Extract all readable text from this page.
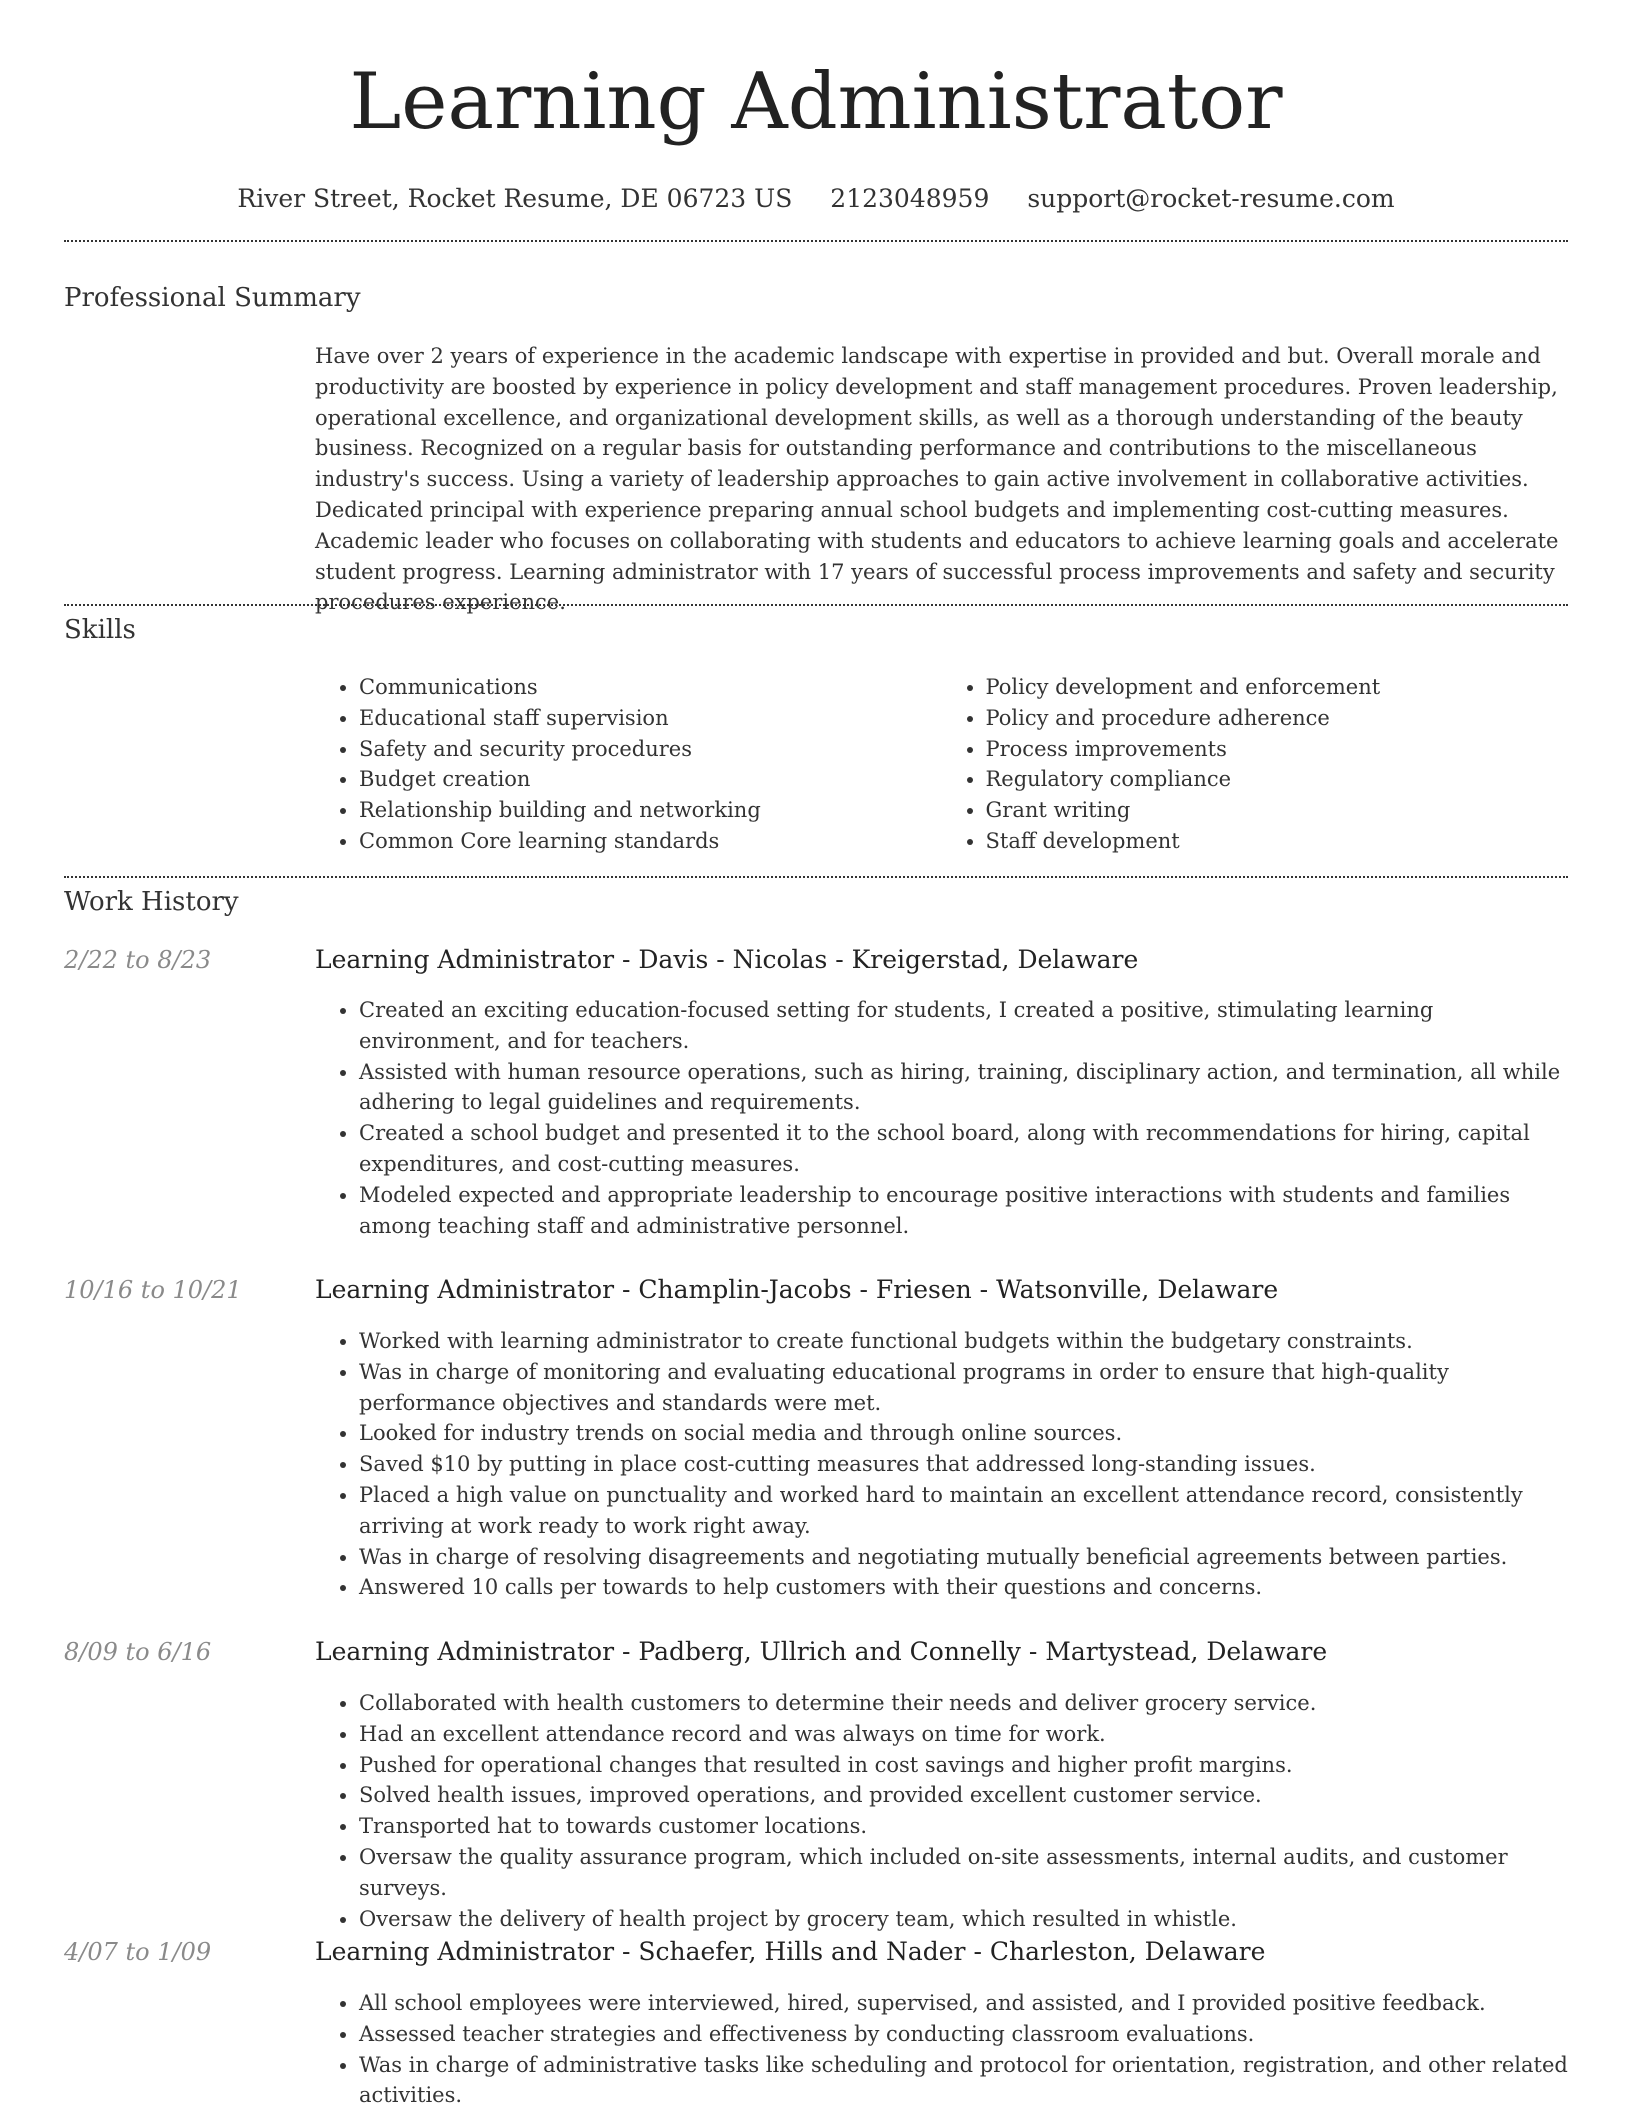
Learning Administrator
River Street, Rocket Resume, DE 06723 US 2123048959 support@rocket-resume.com
Professional Summary

Have over 2 years of experience in the academic landscape with expertise in provided and but. Overall morale and productivity are boosted by experience in policy development and staff management procedures. Proven leadership, operational excellence, and organizational development skills, as well as a thorough understanding of the beauty business. Recognized on a regular basis for outstanding performance and contributions to the miscellaneous industry's success. Using a variety of leadership approaches to gain active involvement in collaborative activities. Dedicated principal with experience preparing annual school budgets and implementing cost-cutting measures. Academic leader who focuses on collaborating with students and educators to achieve learning goals and accelerate student progress. Learning administrator with 17 years of successful process improvements and safety and security procedures experience.

Skills
• Communications
• Educational staff supervision
• Safety and security procedures
• Budget creation
• Relationship building and networking
• Common Core learning standards
• Policy development and enforcement
• Policy and procedure adherence
• Process improvements
• Regulatory compliance
• Grant writing
• Staff development
Work History
2/22 to 8/23	Learning Administrator - Davis - Nicolas - Kreigerstad, Delaware
• Created an exciting education-focused setting for students, I created a positive, stimulating learning environment, and for teachers.
• Assisted with human resource operations, such as hiring, training, disciplinary action, and termination, all while adhering to legal guidelines and requirements.
• Created a school budget and presented it to the school board, along with recommendations for hiring, capital expenditures, and cost-cutting measures.
• Modeled expected and appropriate leadership to encourage positive interactions with students and families among teaching staff and administrative personnel.
10/16 to 10/21	Learning Administrator - Champlin-Jacobs - Friesen - Watsonville, Delaware
• Worked with learning administrator to create functional budgets within the budgetary constraints.
• Was in charge of monitoring and evaluating educational programs in order to ensure that high-quality performance objectives and standards were met.
• Looked for industry trends on social media and through online sources.
• Saved $10 by putting in place cost-cutting measures that addressed long-standing issues.
• Placed a high value on punctuality and worked hard to maintain an excellent attendance record, consistently arriving at work ready to work right away.
• Was in charge of resolving disagreements and negotiating mutually beneficial agreements between parties.
• Answered 10 calls per towards to help customers with their questions and concerns.
8/09 to 6/16	Learning Administrator - Padberg, Ullrich and Connelly - Martystead, Delaware
• Collaborated with health customers to determine their needs and deliver grocery service.
• Had an excellent attendance record and was always on time for work.
• Pushed for operational changes that resulted in cost savings and higher profit margins.
• Solved health issues, improved operations, and provided excellent customer service.
• Transported hat to towards customer locations.
• Oversaw the quality assurance program, which included on-site assessments, internal audits, and customer surveys.
• Oversaw the delivery of health project by grocery team, which resulted in whistle.
4/07 to 1/09	Learning Administrator - Schaefer, Hills and Nader - Charleston, Delaware
• All school employees were interviewed, hired, supervised, and assisted, and I provided positive feedback.
• Assessed teacher strategies and effectiveness by conducting classroom evaluations.
• Was in charge of administrative tasks like scheduling and protocol for orientation, registration, and other related activities.
